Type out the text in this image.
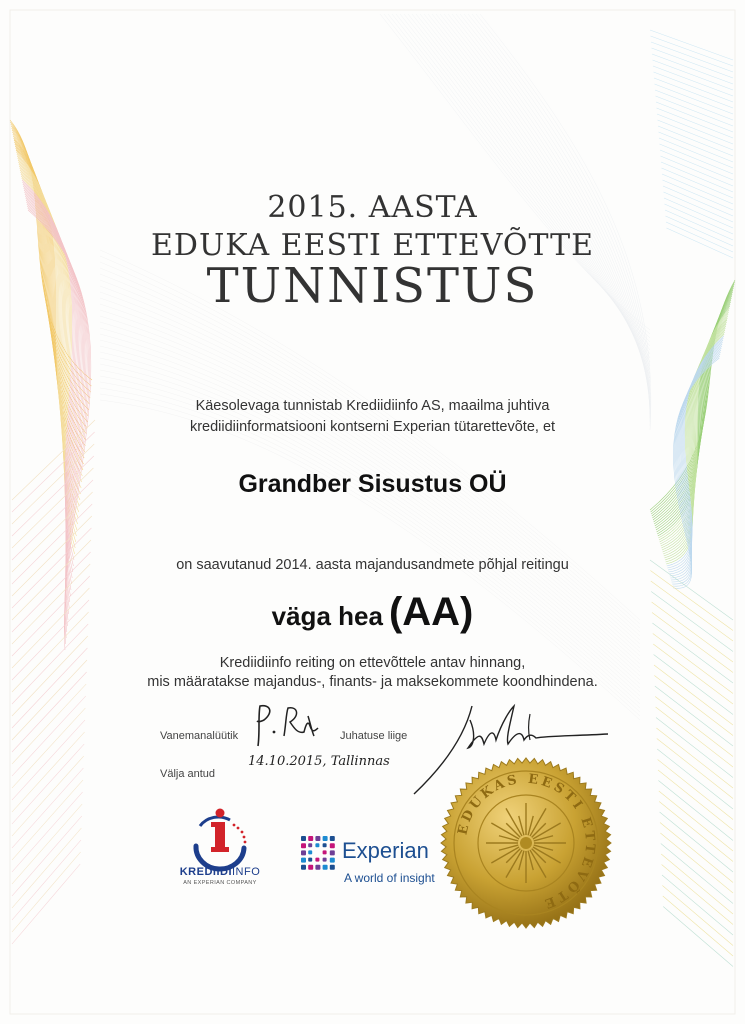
2015. AASTA
EDUKA EESTI ETTEVÕTTE
TUNNISTUS

Käesolevaga tunnistab Krediidiinfo AS, maailma juhtiva

krediidiinformatsiooni kontserni Experian tütarettevõte, et

Grandber Sisustus OÜ

on saavutanud 2014. aasta majandusandmete põhjal reitingu

väga hea (AA)

Krediidiinfo reiting on ettevõttele antav hinnang,

mis määratakse majandus-, finants- ja maksekommete koondhindena.

Vanemanalüütik	Juhatuse liige
Välja antud
14.10.2015, Tallinnas
KREDIIDIINFO
AN EXPERIAN COMPANY
Experian
A world of insight
EDUKAS EESTI ETTEVÕTE
